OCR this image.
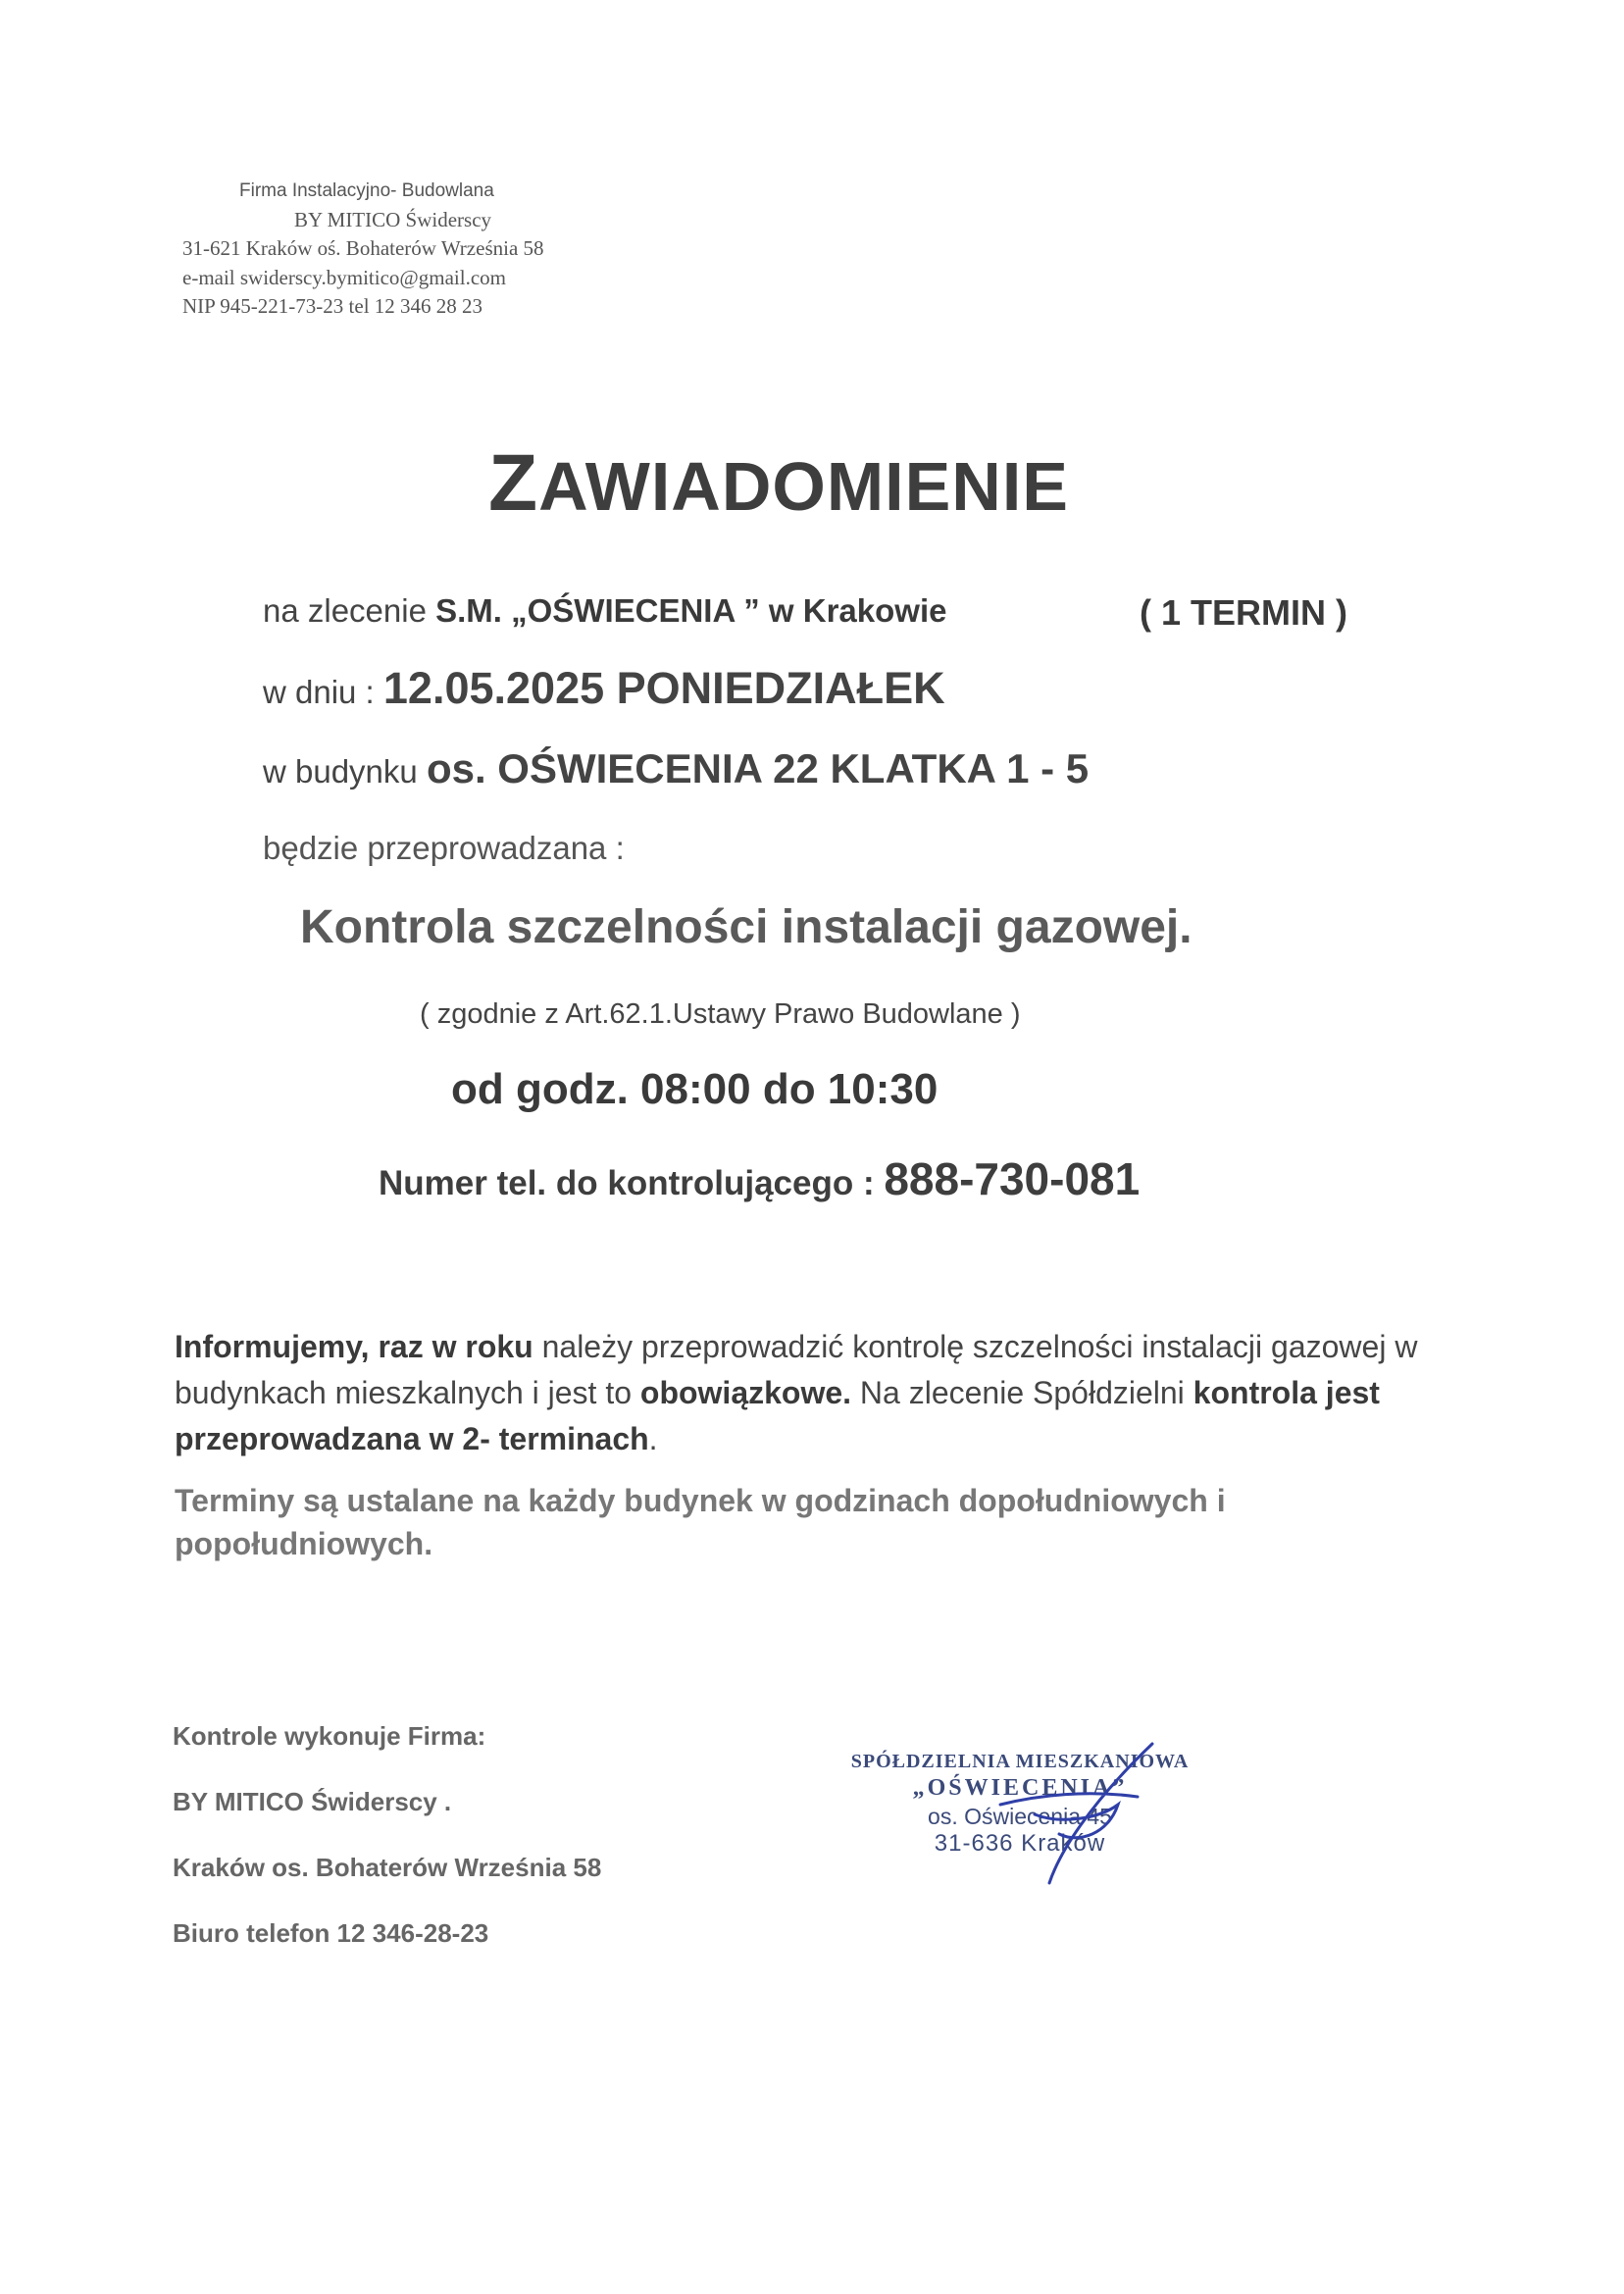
Firma Instalacyjno- Budowlana
BY MITICO Świderscy
31-621 Kraków oś. Bohaterów Września 58
e-mail swiderscy.bymitico@gmail.com
NIP 945-221-73-23 tel 12 346 28 23
ZAWIADOMIENIE
na zlecenie S.M. „OŚWIECENIA ” w Krakowie	( 1 TERMIN )
w dniu : 12.05.2025 PONIEDZIAŁEK
w budynku os. OŚWIECENIA 22 KLATKA 1 - 5
będzie przeprowadzana :
Kontrola szczelności instalacji gazowej.
( zgodnie z Art.62.1.Ustawy Prawo Budowlane )
od godz. 08:00 do 10:30
Numer tel. do kontrolującego : 888-730-081
Informujemy, raz w roku należy przeprowadzić kontrolę szczelności instalacji gazowej w budynkach mieszkalnych i jest to obowiązkowe. Na zlecenie Spółdzielni kontrola jest przeprowadzana w 2- terminach.
Terminy są ustalane na każdy budynek w godzinach dopołudniowych i popołudniowych.
Kontrole wykonuje Firma:
BY MITICO Świderscy .
Kraków os. Bohaterów Września 58
Biuro telefon 12 346-28-23
SPÓŁDZIELNIA MIESZKANIOWA
„OŚWIECENIA”
os. Oświecenia 45
31-636 Kraków
